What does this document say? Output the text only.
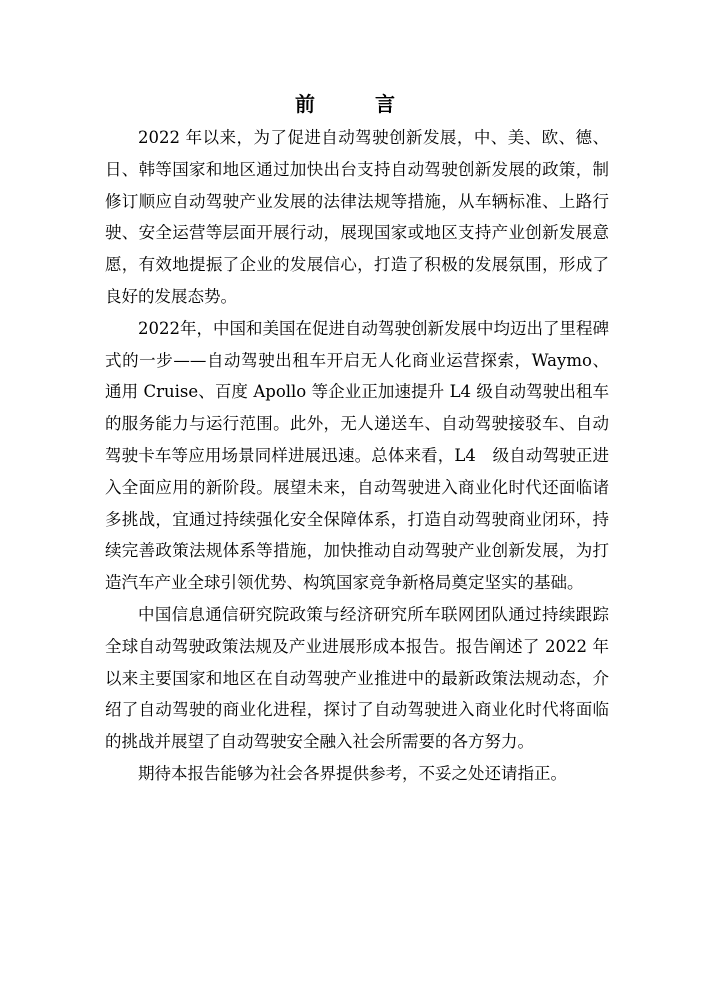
前　言

2022 年以来，为了促进自动驾驶创新发展，中、美、欧、德、日、韩等国家和地区通过加快出台支持自动驾驶创新发展的政策，制修订顺应自动驾驶产业发展的法律法规等措施，从车辆标准、上路行驶、安全运营等层面开展行动，展现国家或地区支持产业创新发展意愿，有效地提振了企业的发展信心，打造了积极的发展氛围，形成了良好的发展态势。

2022年，中国和美国在促进自动驾驶创新发展中均迈出了里程碑式的一步——自动驾驶出租车开启无人化商业运营探索，Waymo、通用 Cruise、百度 Apollo 等企业正加速提升 L4 级自动驾驶出租车的服务能力与运行范围。此外，无人递送车、自动驾驶接驳车、自动驾驶卡车等应用场景同样进展迅速。总体来看，L4　级自动驾驶正进入全面应用的新阶段。展望未来，自动驾驶进入商业化时代还面临诸多挑战，宜通过持续强化安全保障体系，打造自动驾驶商业闭环，持续完善政策法规体系等措施，加快推动自动驾驶产业创新发展，为打造汽车产业全球引领优势、构筑国家竞争新格局奠定坚实的基础。

中国信息通信研究院政策与经济研究所车联网团队通过持续跟踪全球自动驾驶政策法规及产业进展形成本报告。报告阐述了 2022 年以来主要国家和地区在自动驾驶产业推进中的最新政策法规动态，介绍了自动驾驶的商业化进程，探讨了自动驾驶进入商业化时代将面临的挑战并展望了自动驾驶安全融入社会所需要的各方努力。

期待本报告能够为社会各界提供参考，不妥之处还请指正。
